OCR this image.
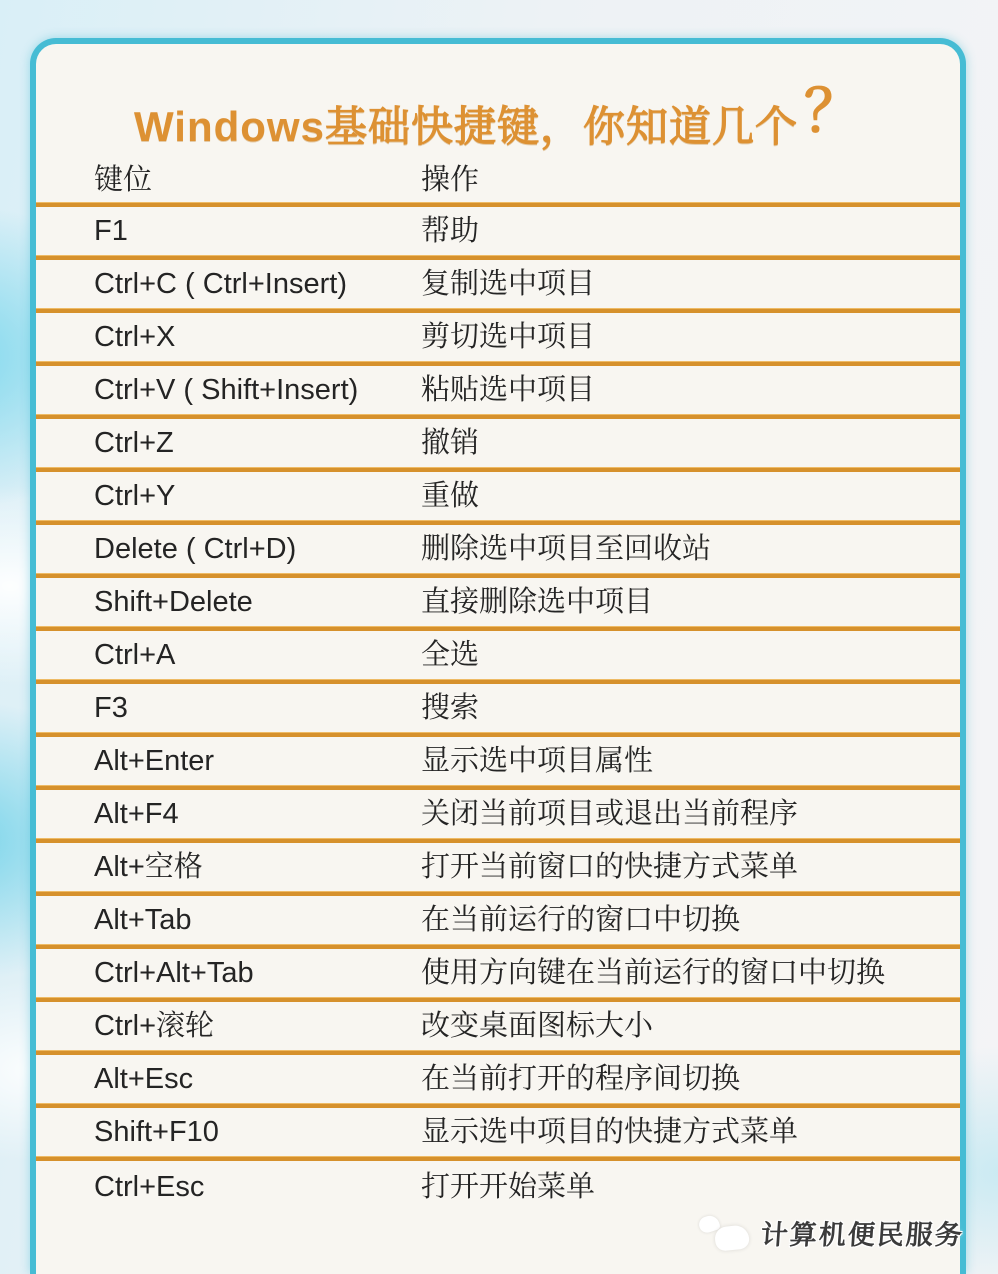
Windows基础快捷键，你知道几个 ？
键位	操作
F1	帮助
Ctrl+C ( Ctrl+Insert)	复制选中项目
Ctrl+X	剪切选中项目
Ctrl+V ( Shift+Insert)	粘贴选中项目
Ctrl+Z	撤销
Ctrl+Y	重做
Delete ( Ctrl+D)	删除选中项目至回收站
Shift+Delete	直接删除选中项目
Ctrl+A	全选
F3	搜索
Alt+Enter	显示选中项目属性
Alt+F4	关闭当前项目或退出当前程序
Alt+空格	打开当前窗口的快捷方式菜单
Alt+Tab	在当前运行的窗口中切换
Ctrl+Alt+Tab	使用方向键在当前运行的窗口中切换
Ctrl+滚轮	改变桌面图标大小
Alt+Esc	在当前打开的程序间切换
Shift+F10	显示选中项目的快捷方式菜单
Ctrl+Esc	打开开始菜单
计算机便民服务
